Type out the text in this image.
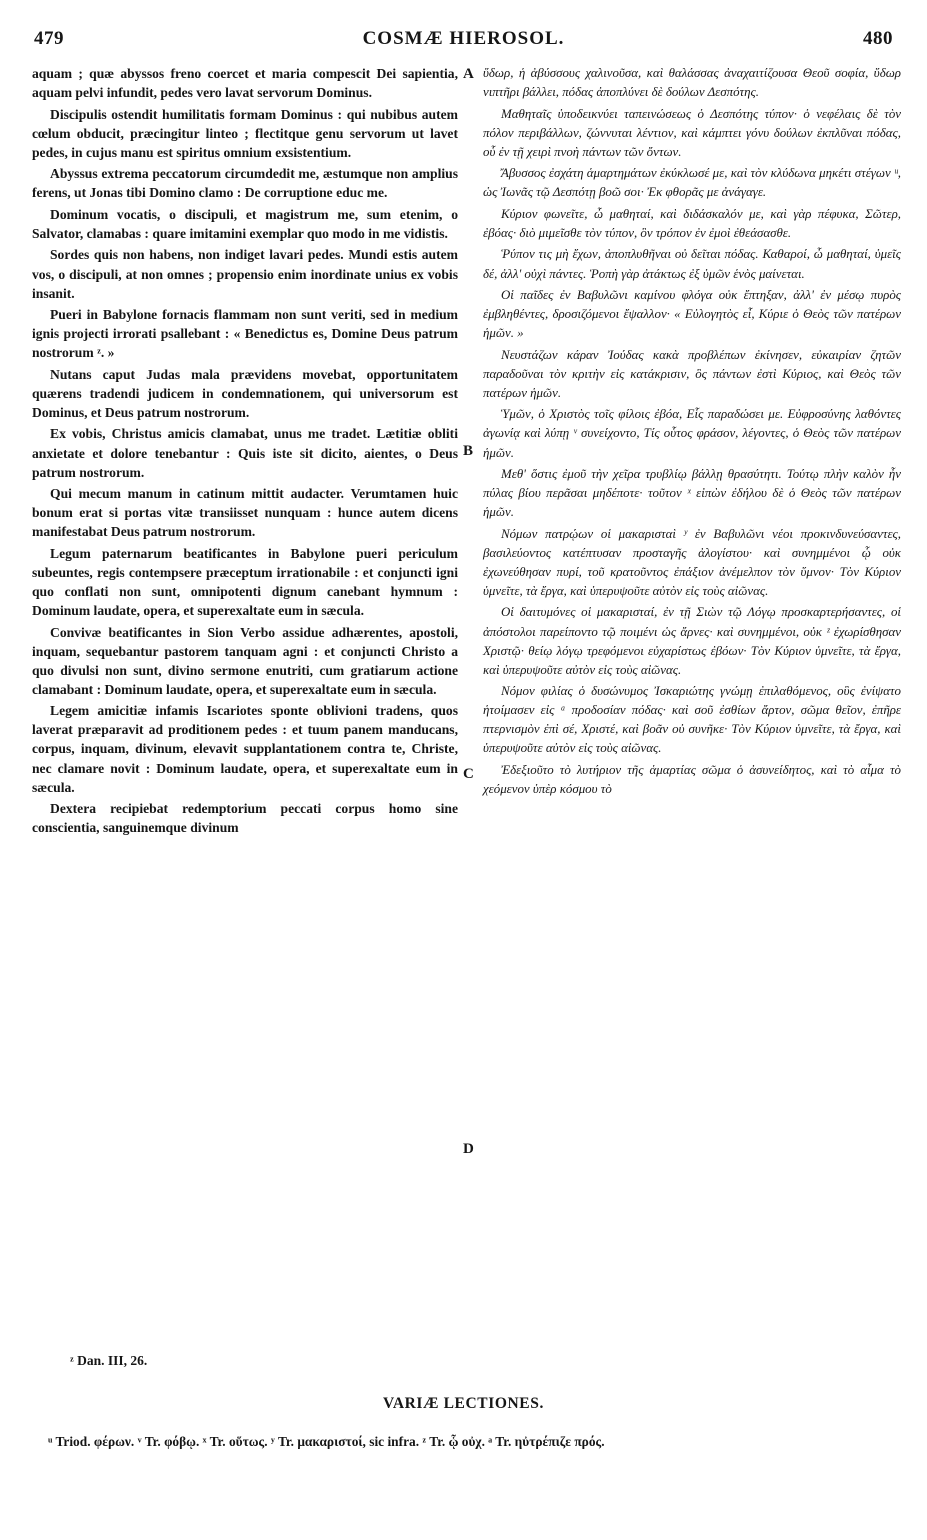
479	COSMÆ HIEROSOL.	480

aquam ; quæ abyssos freno coercet et maria compescit Dei sapientia, aquam pelvi infundit, pedes vero lavat servorum Dominus.

Discipulis ostendit humilitatis formam Dominus : qui nubibus autem cœlum obducit, præcingitur linteo ; flectitque genu servorum ut lavet pedes, in cujus manu est spiritus omnium exsistentium.

Abyssus extrema peccatorum circumdedit me, æstumque non amplius ferens, ut Jonas tibi Domino clamo : De corruptione educ me.

Dominum vocatis, o discipuli, et magistrum me, sum etenim, o Salvator, clamabas : quare imitamini exemplar quo modo in me vidistis.

Sordes quis non habens, non indiget lavari pedes. Mundi estis autem vos, o discipuli, at non omnes ; propensio enim inordinate unius ex vobis insanit.

Pueri in Babylone fornacis flammam non sunt veriti, sed in medium ignis projecti irrorati psallebant : « Benedictus es, Domine Deus patrum nostrorum ᶻ. »

Nutans caput Judas mala prævidens movebat, opportunitatem quærens tradendi judicem in condemnationem, qui universorum est Dominus, et Deus patrum nostrorum.

Ex vobis, Christus amicis clamabat, unus me tradet. Lætitiæ obliti anxietate et dolore tenebantur : Quis iste sit dicito, aientes, o Deus patrum nostrorum.

Qui mecum manum in catinum mittit audacter. Verumtamen huic bonum erat si portas vitæ transiisset nunquam : hunce autem dicens manifestabat Deus patrum nostrorum.

Legum paternarum beatificantes in Babylone pueri periculum subeuntes, regis contempsere præceptum irrationabile : et conjuncti igni quo conflati non sunt, omnipotenti dignum canebant hymnum : Dominum laudate, opera, et superexaltate eum in sæcula.

Convivæ beatificantes in Sion Verbo assidue adhærentes, apostoli, inquam, sequebantur pastorem tanquam agni : et conjuncti Christo a quo divulsi non sunt, divino sermone enutriti, cum gratiarum actione clamabant : Dominum laudate, opera, et superexaltate eum in sæcula.

Legem amicitiæ infamis Iscariotes sponte oblivioni tradens, quos laverat præparavit ad proditionem pedes : et tuum panem manducans, corpus, inquam, divinum, elevavit supplantationem contra te, Christe, nec clamare novit : Dominum laudate, opera, et superexaltate eum in sæcula.

Dextera recipiebat redemptorium peccati corpus homo sine conscientia, sanguinemque divinum

A
B
C
D

ὕδωρ, ἡ ἀβύσσους χαλινοῦσα, καὶ θαλάσσας ἀναχαιτίζουσα Θεοῦ σοφία, ὕδωρ νιπτῆρι βάλλει, πόδας ἀποπλύνει δὲ δούλων Δεσπότης.

Μαθηταῖς ὑποδεικνύει ταπεινώσεως ὁ Δεσπότης τύπον· ὁ νεφέλαις δὲ τὸν πόλον περιβάλλων, ζώννυται λέντιον, καὶ κάμπτει γόνυ δούλων ἐκπλῦναι πόδας, οὗ ἐν τῇ χειρὶ πνοὴ πάντων τῶν ὄντων.

Ἄβυσσος ἐσχάτη ἁμαρτημάτων ἐκύκλωσέ με, καὶ τὸν κλύδωνα μηκέτι στέγων ᵘ, ὡς Ἰωνᾶς τῷ Δεσπότῃ βοῶ σοι· Ἐκ φθορᾶς με ἀνάγαγε.

Κύριον φωνεῖτε, ὦ μαθηταί, καὶ διδάσκαλόν με, καὶ γὰρ πέφυκα, Σῶτερ, ἐβόας· διὸ μιμεῖσθε τὸν τύπον, ὃν τρόπον ἐν ἐμοὶ ἐθεάσασθε.

Ῥύπον τις μὴ ἔχων, ἀποπλυθῆναι οὐ δεῖται πόδας. Καθαροί, ὦ μαθηταί, ὑμεῖς δέ, ἀλλ' οὐχὶ πάντες. Ῥοπὴ γὰρ ἀτάκτως ἐξ ὑμῶν ἑνὸς μαίνεται.

Οἱ παῖδες ἐν Βαβυλῶνι καμίνου φλόγα οὐκ ἔπτηξαν, ἀλλ' ἐν μέσῳ πυρὸς ἐμβληθέντες, δροσιζόμενοι ἔψαλλον· « Εὐλογητὸς εἶ, Κύριε ὁ Θεὸς τῶν πατέρων ἡμῶν. »

Νευστάζων κάραν Ἰούδας κακὰ προβλέπων ἐκίνησεν, εὐκαιρίαν ζητῶν παραδοῦναι τὸν κριτὴν εἰς κατάκρισιν, ὃς πάντων ἐστὶ Κύριος, καὶ Θεὸς τῶν πατέρων ἡμῶν.

Ὑμῶν, ὁ Χριστὸς τοῖς φίλοις ἐβόα, Εἷς παραδώσει με. Εὐφροσύνης λαθόντες ἀγωνίᾳ καὶ λύπῃ ᵛ συνείχοντο, Τίς οὗτος φράσον, λέγοντες, ὁ Θεὸς τῶν πατέρων ἡμῶν.

Μεθ' ὅστις ἐμοῦ τὴν χεῖρα τρυβλίῳ βάλλῃ θρασύτητι. Τούτῳ πλὴν καλὸν ἦν πύλας βίου περᾶσαι μηδέποτε· τοῦτον ˣ εἰπὼν ἐδήλου δὲ ὁ Θεὸς τῶν πατέρων ἡμῶν.

Νόμων πατρῴων οἱ μακαρισταὶ ʸ ἐν Βαβυλῶνι νέοι προκινδυνεύσαντες, βασιλεύοντος κατέπτυσαν προσταγῆς ἀλογίστου· καὶ συνημμένοι ᾧ οὐκ ἐχωνεύθησαν πυρί, τοῦ κρατοῦντος ἐπάξιον ἀνέμελπον τὸν ὕμνον· Τὸν Κύριον ὑμνεῖτε, τὰ ἔργα, καὶ ὑπερυψοῦτε αὐτὸν εἰς τοὺς αἰῶνας.

Οἱ δαιτυμόνες οἱ μακαρισταί, ἐν τῇ Σιὼν τῷ Λόγῳ προσκαρτερήσαντες, οἱ ἀπόστολοι παρείποντο τῷ ποιμένι ὡς ἄρνες· καὶ συνημμένοι, οὐκ ᶻ ἐχωρίσθησαν Χριστῷ· θείῳ λόγῳ τρεφόμενοι εὐχαρίστως ἐβόων· Τὸν Κύριον ὑμνεῖτε, τὰ ἔργα, καὶ ὑπερυψοῦτε αὐτὸν εἰς τοὺς αἰῶνας.

Νόμον φιλίας ὁ δυσώνυμος Ἰσκαριώτης γνώμῃ ἐπιλαθόμενος, οὓς ἐνίψατο ἡτοίμασεν εἰς ᵃ προδοσίαν πόδας· καὶ σοῦ ἐσθίων ἄρτον, σῶμα θεῖον, ἐπῆρε πτερνισμὸν ἐπὶ σέ, Χριστέ, καὶ βοᾶν οὐ συνῆκε· Τὸν Κύριον ὑμνεῖτε, τὰ ἔργα, καὶ ὑπερυψοῦτε αὐτὸν εἰς τοὺς αἰῶνας.

Ἐδεξιοῦτο τὸ λυτήριον τῆς ἁμαρτίας σῶμα ὁ ἀσυνείδητος, καὶ τὸ αἷμα τὸ χεόμενον ὑπὲρ κόσμου τὸ

ᶻ Dan. III, 26.
VARIÆ LECTIONES.
ᵘ Triod. φέρων. ᵛ Tr. φόβῳ. ˣ Tr. οὕτως. ʸ Tr. μακαριστοί, sic infra. ᶻ Tr. ᾧ οὐχ. ᵃ Tr. ηὐτρέπιζε πρός.
